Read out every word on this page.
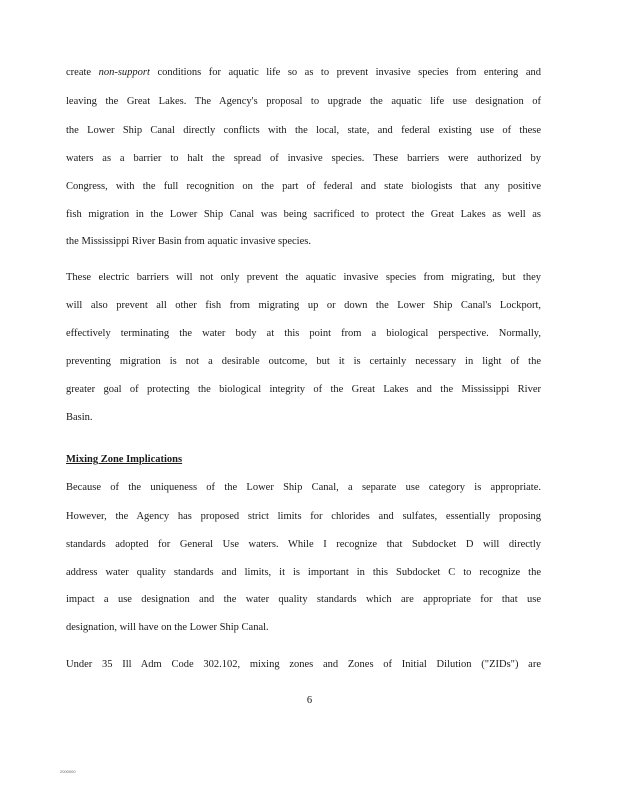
create non-support conditions for aquatic life so as to prevent invasive species from entering and
leaving the Great Lakes. The Agency's proposal to upgrade the aquatic life use designation of
the Lower Ship Canal directly conflicts with the local, state, and federal existing use of these
waters as a barrier to halt the spread of invasive species. These barriers were authorized by
Congress, with the full recognition on the part of federal and state biologists that any positive
fish migration in the Lower Ship Canal was being sacrificed to protect the Great Lakes as well as
the Mississippi River Basin from aquatic invasive species.
These electric barriers will not only prevent the aquatic invasive species from migrating, but they
will also prevent all other fish from migrating up or down the Lower Ship Canal's Lockport,
effectively terminating the water body at this point from a biological perspective. Normally,
preventing migration is not a desirable outcome, but it is certainly necessary in light of the
greater goal of protecting the biological integrity of the Great Lakes and the Mississippi River
Basin.
Mixing Zone Implications
Because of the uniqueness of the Lower Ship Canal, a separate use category is appropriate.
However, the Agency has proposed strict limits for chlorides and sulfates, essentially proposing
standards adopted for General Use waters. While I recognize that Subdocket D will directly
address water quality standards and limits, it is important in this Subdocket C to recognize the
impact a use designation and the water quality standards which are appropriate for that use
designation, will have on the Lower Ship Canal.
Under 35 Ill Adm Code 302.102, mixing zones and Zones of Initial Dilution ("ZIDs") are
6
2000000
